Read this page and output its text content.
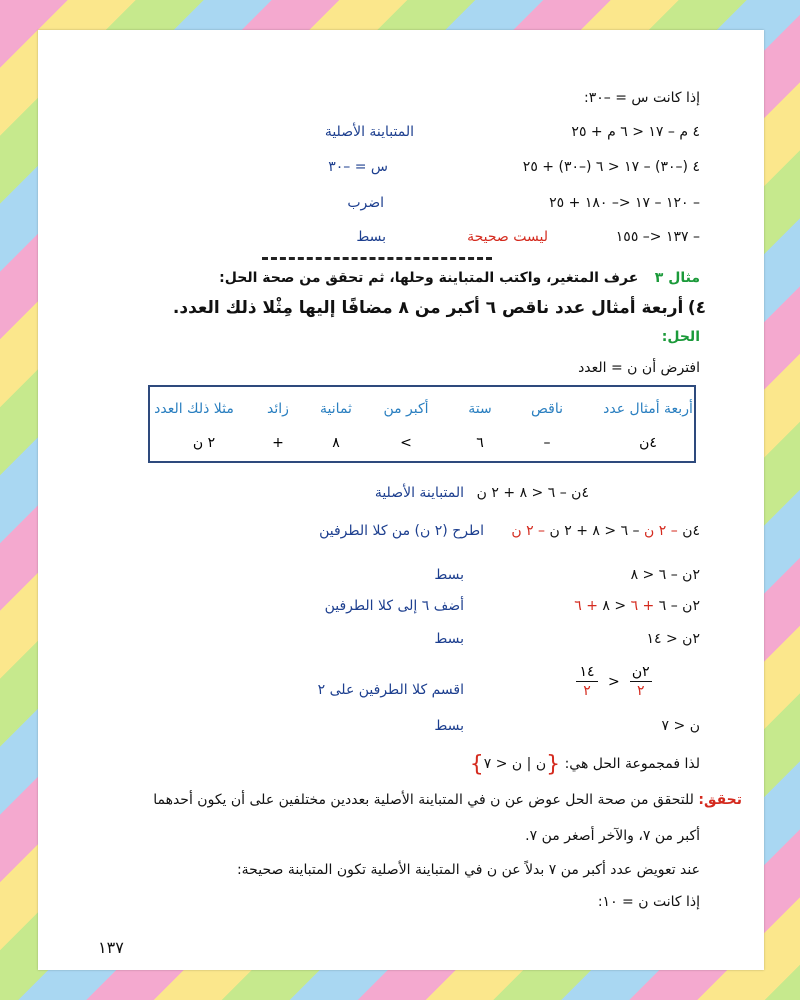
إذا كانت س = –٣٠:
٤ م – ١٧ < ٦ م + ٢٥
المتباينة الأصلية
٤ (–٣٠) – ١٧ < ٦ (–٣٠) + ٢٥
س = –٣٠
– ١٢٠ – ١٧ <– ١٨٠ + ٢٥
اضرب
– ١٣٧ <– ١٥٥
ليست صحيحة
بسط
مثال ٣ عرف المتغير، واكتب المتباينة وحلها، ثم تحقق من صحة الحل:
٤) أربعة أمثال عدد ناقص ٦ أكبر من ٨ مضافًا إليها مِثْلا ذلك العدد.
الحل:
افترض أن ن = العدد
أربعة أمثال عدد
ناقص
ستة
أكبر من
ثمانية
زائد
مثلا ذلك العدد
٤ن
–
٦
<
٨
+
٢ ن
٤ن – ٦ < ٨ + ٢ ن
المتباينة الأصلية
٤ن – ٢ ن – ٦ < ٨ + ٢ ن – ٢ ن
اطرح (٢ ن) من كلا الطرفين
٢ن – ٦ < ٨
بسط
٢ن – ٦ + ٦ < ٨ + ٦
أضف ٦ إلى كلا الطرفين
٢ن < ١٤
بسط
١٤
٢
>
٢ن
٢
اقسم كلا الطرفين على ٢
ن < ٧
بسط
لذا فمجموعة الحل هي: {ن | ن < ٧}
تحقق: للتحقق من صحة الحل عوض عن ن في المتباينة الأصلية بعددين مختلفين على أن يكون أحدهما
أكبر من ٧، والآخر أصغر من ٧.
عند تعويض عدد أكبر من ٧ بدلاً عن ن في المتباينة الأصلية تكون المتباينة صحيحة:
إذا كانت ن = ١٠:
١٣٧
